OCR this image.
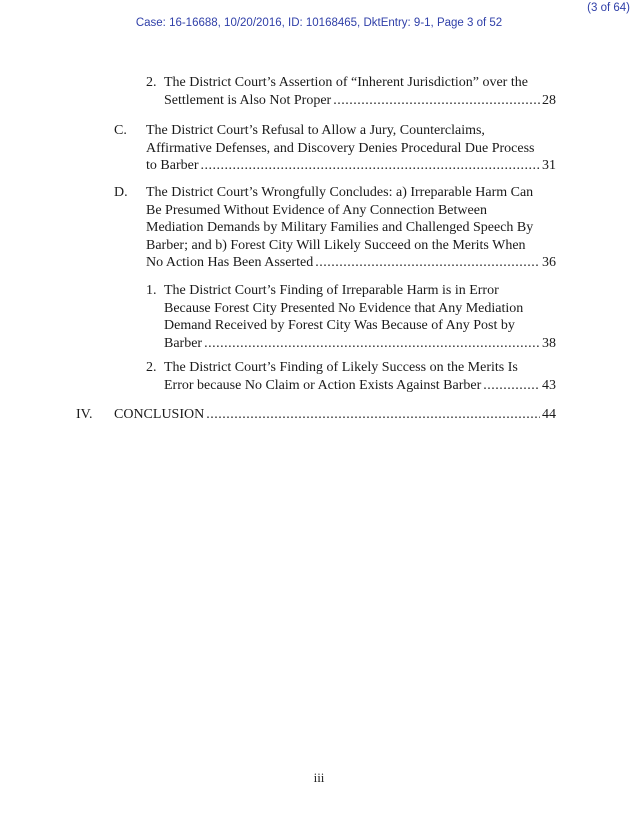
(3 of 64)
Case: 16-16688, 10/20/2016, ID: 10168465, DktEntry: 9-1, Page 3 of 52
2. The District Court’s Assertion of “Inherent Jurisdiction” over the
Settlement is Also Not Proper .....	28
C. The District Court’s Refusal to Allow a Jury, Counterclaims,
Affirmative Defenses, and Discovery Denies Procedural Due Process
to Barber .....	31
D. The District Court’s Wrongfully Concludes: a) Irreparable Harm Can
Be Presumed Without Evidence of Any Connection Between
Mediation Demands by Military Families and Challenged Speech By
Barber; and b) Forest City Will Likely Succeed on the Merits When
No Action Has Been Asserted .....	36
1. The District Court’s Finding of Irreparable Harm is in Error
Because Forest City Presented No Evidence that Any Mediation
Demand Received by Forest City Was Because of Any Post by
Barber .....	38
2. The District Court’s Finding of Likely Success on the Merits Is
Error because No Claim or Action Exists Against Barber .....	43
IV. CONCLUSION .....	44
iii
